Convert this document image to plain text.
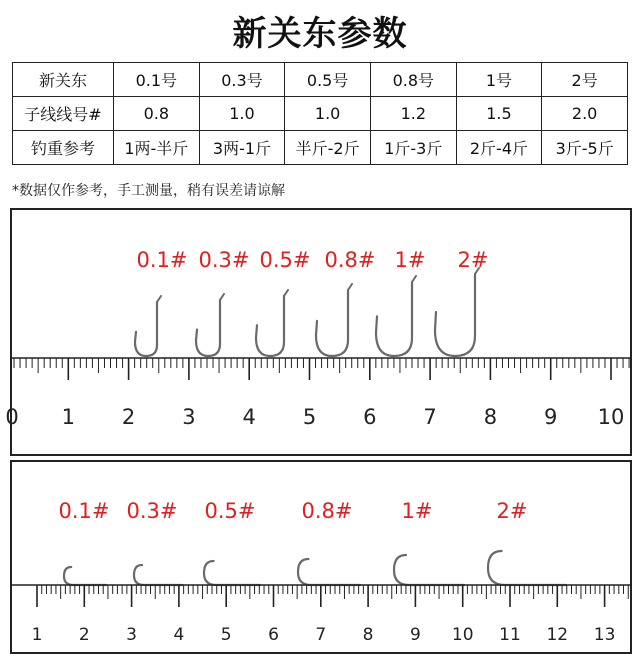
新关东参数
新关东	0.1号	0.3号	0.5号	0.8号	1号	2号
子线线号#	0.8	1.0	1.0	1.2	1.5	2.0
钓重参考	1两-半斤	3两-1斤	半斤-2斤	1斤-3斤	2斤-4斤	3斤-5斤
*数据仅作参考，手工测量，稍有误差请谅解
0.1# 0.3# 0.5# 0.8# 1# 2#
0 1 2 3 4 5 6 7 8 9 10
0.1# 0.3# 0.5# 0.8# 1#	2#
1 2 3 4 5 6 7 8 9 10 11 12 13
